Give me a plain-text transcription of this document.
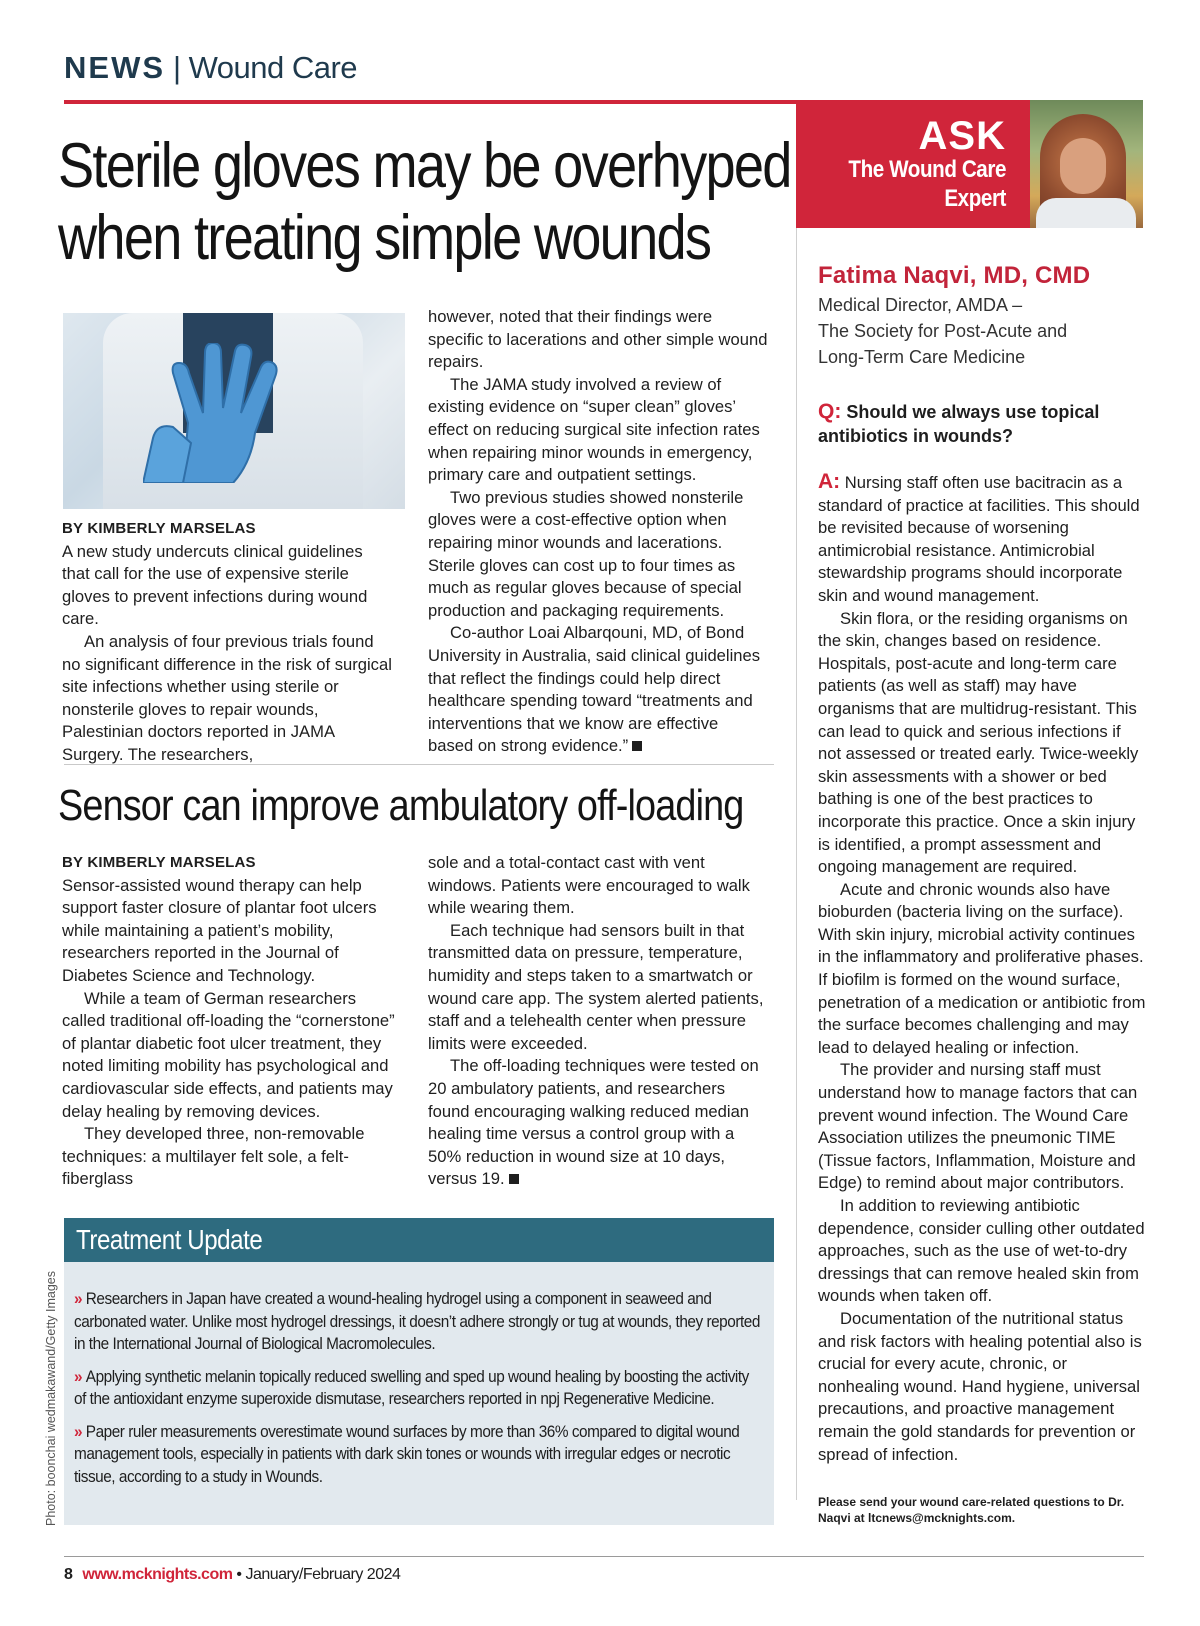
NEWS | Wound Care
Sterile gloves may be overhyped when treating simple wounds

BY KIMBERLY MARSELAS

A new study undercuts clinical guidelines that call for the use of expensive sterile gloves to prevent infections during wound care.

An analysis of four previous trials found no significant difference in the risk of surgical site infections whether using sterile or nonsterile gloves to repair wounds, Palestinian doctors reported in JAMA Surgery. The researchers,

however, noted that their findings were specific to lacerations and other simple wound repairs.

The JAMA study involved a review of existing evidence on “super clean” gloves’ effect on reducing surgical site infection rates when repairing minor wounds in emergency, primary care and outpatient settings.

Two previous studies showed nonsterile gloves were a cost-effective option when repairing minor wounds and lacerations. Sterile gloves can cost up to four times as much as regular gloves because of special production and packaging requirements.

Co-author Loai Albarqouni, MD, of Bond University in Australia, said clinical guidelines that reflect the findings could help direct healthcare spending toward “treatments and interventions that we know are effective based on strong evidence.”

Sensor can improve ambulatory off-loading

BY KIMBERLY MARSELAS

Sensor-assisted wound therapy can help support faster closure of plantar foot ulcers while maintaining a patient’s mobility, researchers reported in the Journal of Diabetes Science and Technology.

While a team of German researchers called traditional off-loading the “cornerstone” of plantar diabetic foot ulcer treatment, they noted limiting mobility has psychological and cardiovascular side effects, and patients may delay healing by removing devices.

They developed three, non-removable techniques: a multilayer felt sole, a felt-fiberglass

sole and a total-contact cast with vent windows. Patients were encouraged to walk while wearing them.

Each technique had sensors built in that transmitted data on pressure, temperature, humidity and steps taken to a smartwatch or wound care app. The system alerted patients, staff and a telehealth center when pressure limits were exceeded.

The off-loading techniques were tested on 20 ambulatory patients, and researchers found encouraging walking reduced median healing time versus a control group with a 50% reduction in wound size at 10 days, versus 19.

Treatment Update
» Researchers in Japan have created a wound-healing hydrogel using a component in seaweed and carbonated water. Unlike most hydrogel dressings, it doesn’t adhere strongly or tug at wounds, they reported in the International Journal of Biological Macromolecules.
» Applying synthetic melanin topically reduced swelling and sped up wound healing by boosting the activity of the antioxidant enzyme superoxide dismutase, researchers reported in npj Regenerative Medicine.
» Paper ruler measurements overestimate wound surfaces by more than 36% compared to digital wound management tools, especially in patients with dark skin tones or wounds with irregular edges or necrotic tissue, according to a study in Wounds.
Photo: boonchai wedmakawand/Getty Images
ASK
The Wound Care
Expert
Fatima Naqvi, MD, CMD
Medical Director, AMDA –
The Society for Post-Acute and
Long-Term Care Medicine
Q: Should we always use topical antibiotics in wounds?

A: Nursing staff often use bacitracin as a standard of practice at facilities. This should be revisited because of worsening antimicrobial resistance. Antimicrobial stewardship programs should incorporate skin and wound management.

Skin flora, or the residing organisms on the skin, changes based on residence. Hospitals, post-acute and long-term care patients (as well as staff) may have organisms that are multidrug-resistant. This can lead to quick and serious infections if not assessed or treated early. Twice-weekly skin assessments with a shower or bed bathing is one of the best practices to incorporate this practice. Once a skin injury is identified, a prompt assessment and ongoing management are required.

Acute and chronic wounds also have bioburden (bacteria living on the surface). With skin injury, microbial activity continues in the inflammatory and proliferative phases. If biofilm is formed on the wound surface, penetration of a medication or antibiotic from the surface becomes challenging and may lead to delayed healing or infection.

The provider and nursing staff must understand how to manage factors that can prevent wound infection. The Wound Care Association utilizes the pneumonic TIME (Tissue factors, Inflammation, Moisture and Edge) to remind about major contributors.

In addition to reviewing antibiotic dependence, consider culling other outdated approaches, such as the use of wet-to-dry dressings that can remove healed skin from wounds when taken off.

Documentation of the nutritional status and risk factors with healing potential also is crucial for every acute, chronic, or nonhealing wound. Hand hygiene, universal precautions, and proactive management remain the gold standards for prevention or spread of infection.

Please send your wound care-related questions to Dr. Naqvi at ltcnews@mcknights.com.
8 www.mcknights.com • January/February 2024
